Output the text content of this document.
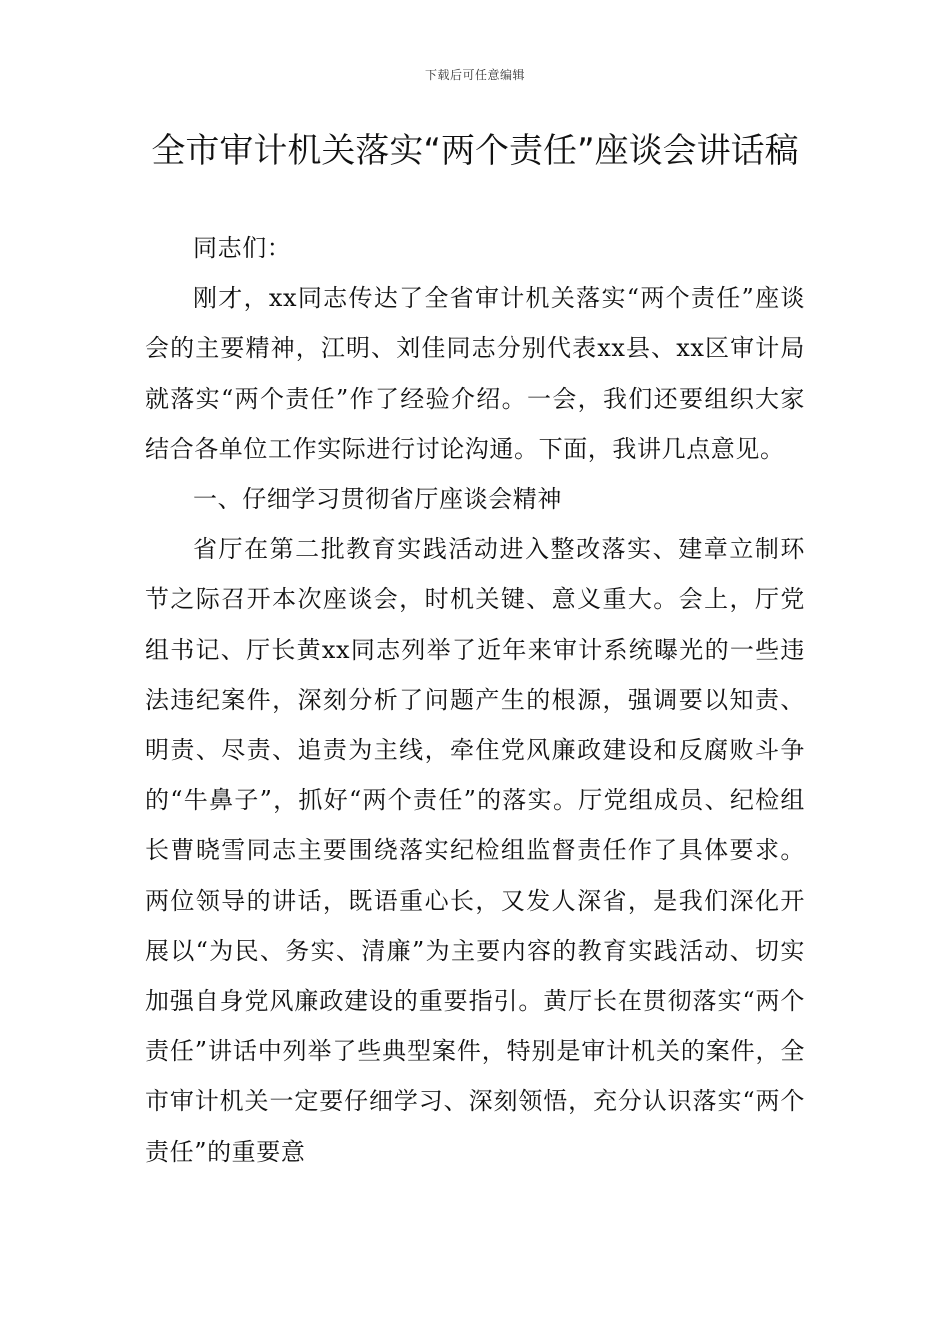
下载后可任意编辑
全市审计机关落实“两个责任”座谈会讲话稿

同志们：

刚才，xx同志传达了全省审计机关落实“两个责任”座谈会的主要精神，江明、刘佳同志分别代表xx县、xx区审计局就落实“两个责任”作了经验介绍。一会，我们还要组织大家结合各单位工作实际进行讨论沟通。下面，我讲几点意见。

一、仔细学习贯彻省厅座谈会精神

省厅在第二批教育实践活动进入整改落实、建章立制环节之际召开本次座谈会，时机关键、意义重大。会上，厅党组书记、厅长黄xx同志列举了近年来审计系统曝光的一些违法违纪案件，深刻分析了问题产生的根源，强调要以知责、明责、尽责、追责为主线，牵住党风廉政建设和反腐败斗争的“牛鼻子”，抓好“两个责任”的落实。厅党组成员、纪检组长曹晓雪同志主要围绕落实纪检组监督责任作了具体要求。两位领导的讲话，既语重心长，又发人深省，是我们深化开展以“为民、务实、清廉”为主要内容的教育实践活动、切实加强自身党风廉政建设的重要指引。黄厅长在贯彻落实“两个责任”讲话中列举了些典型案件，特别是审计机关的案件，全市审计机关一定要仔细学习、深刻领悟，充分认识落实“两个责任”的重要意
